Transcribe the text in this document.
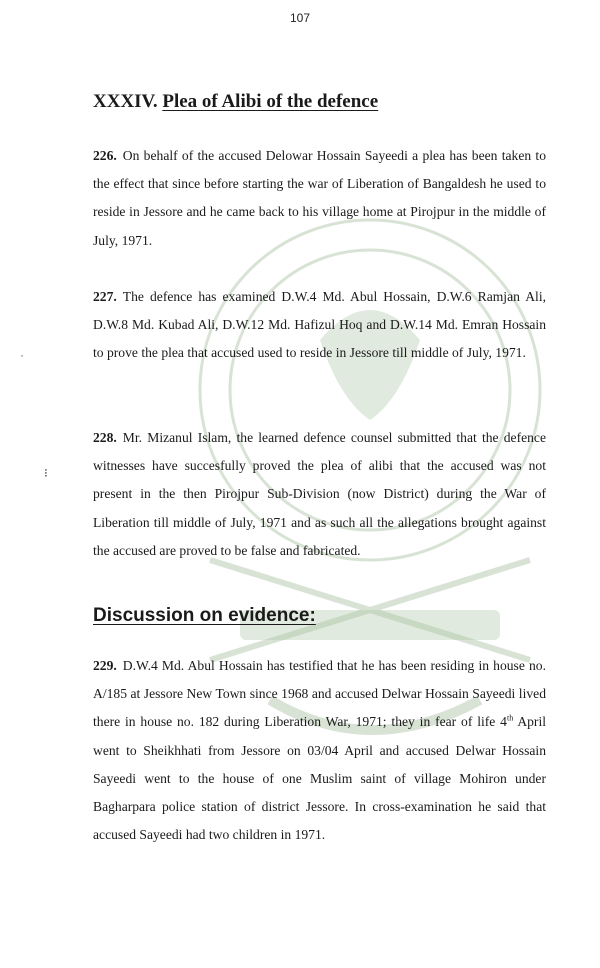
107
XXXIV. Plea of Alibi of the defence
226. On behalf of the accused Delowar Hossain Sayeedi a plea has been taken to the effect that since before starting the war of Liberation of Bangaldesh he used to reside in Jessore and he came back to his village home at Pirojpur in the middle of July, 1971.
227. The defence has examined D.W.4 Md. Abul Hossain, D.W.6 Ramjan Ali, D.W.8 Md. Kubad Ali, D.W.12 Md. Hafizul Hoq and D.W.14 Md. Emran Hossain to prove the plea that accused used to reside in Jessore till middle of July, 1971.
228. Mr. Mizanul Islam, the learned defence counsel submitted that the defence witnesses have succesfully proved the plea of alibi that the accused was not present in the then Pirojpur Sub-Division (now District) during the War of Liberation till middle of July, 1971 and as such all the allegations brought against the accused are proved to be false and fabricated.
Discussion on evidence:
229. D.W.4 Md. Abul Hossain has testified that he has been residing in house no. A/185 at Jessore New Town since 1968 and accused Delwar Hossain Sayeedi lived there in house no. 182 during Liberation War, 1971; they in fear of life 4th April went to Sheikhhati from Jessore on 03/04 April and accused Delwar Hossain Sayeedi went to the house of one Muslim saint of village Mohiron under Bagharpara police station of district Jessore. In cross-examination he said that accused Sayeedi had two children in 1971.
˙
⁝
